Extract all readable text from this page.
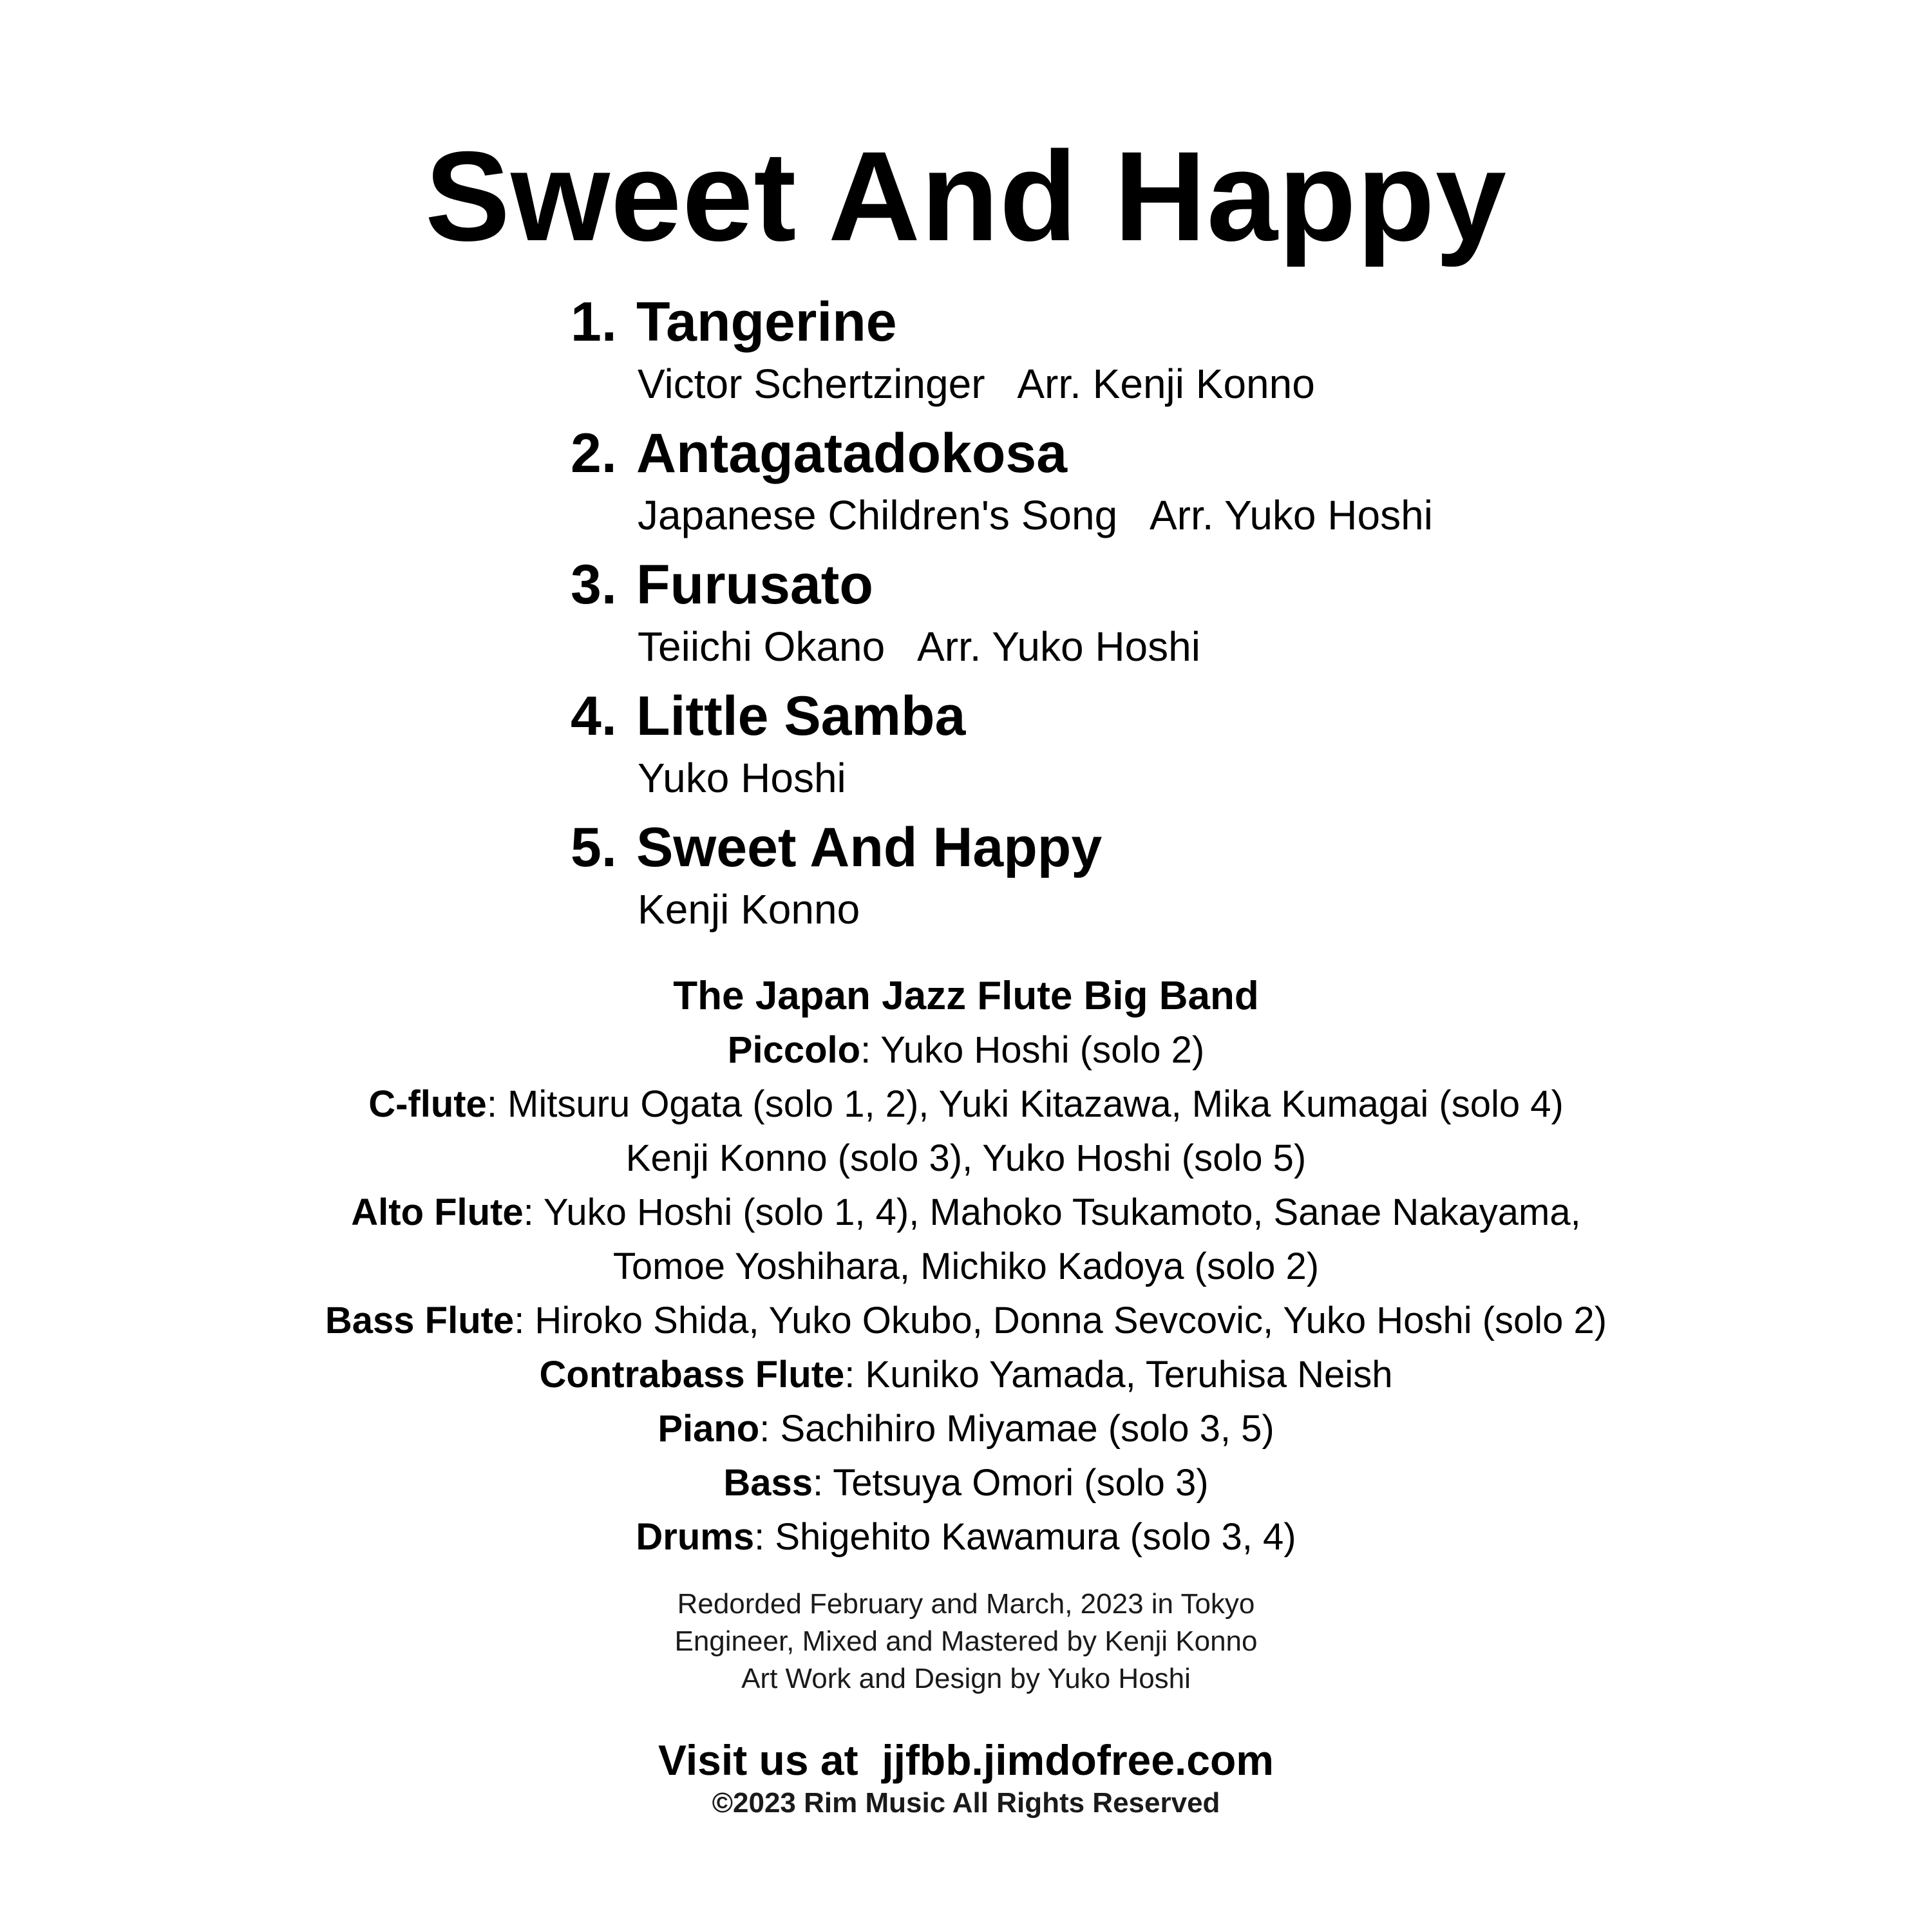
Sweet And Happy
1. Tangerine
Victor Schertzinger   Arr. Kenji Konno
2. Antagatadokosa
Japanese Children's Song   Arr. Yuko Hoshi
3. Furusato
Teiichi Okano   Arr. Yuko Hoshi
4. Little Samba
Yuko Hoshi
5. Sweet And Happy
Kenji Konno
The Japan Jazz Flute Big Band
Piccolo: Yuko Hoshi (solo 2)
C-flute: Mitsuru Ogata (solo 1, 2), Yuki Kitazawa, Mika Kumagai (solo 4)
Kenji Konno (solo 3), Yuko Hoshi (solo 5)
Alto Flute: Yuko Hoshi (solo 1, 4), Mahoko Tsukamoto, Sanae Nakayama,
Tomoe Yoshihara, Michiko Kadoya (solo 2)
Bass Flute: Hiroko Shida, Yuko Okubo, Donna Sevcovic, Yuko Hoshi (solo 2)
Contrabass Flute: Kuniko Yamada, Teruhisa Neish
Piano: Sachihiro Miyamae (solo 3, 5)
Bass: Tetsuya Omori (solo 3)
Drums: Shigehito Kawamura (solo 3, 4)
Redorded February and March, 2023 in Tokyo
Engineer, Mixed and Mastered by Kenji Konno
Art Work and Design by Yuko Hoshi
Visit us at  jjfbb.jimdofree.com
©2023 Rim Music All Rights Reserved
